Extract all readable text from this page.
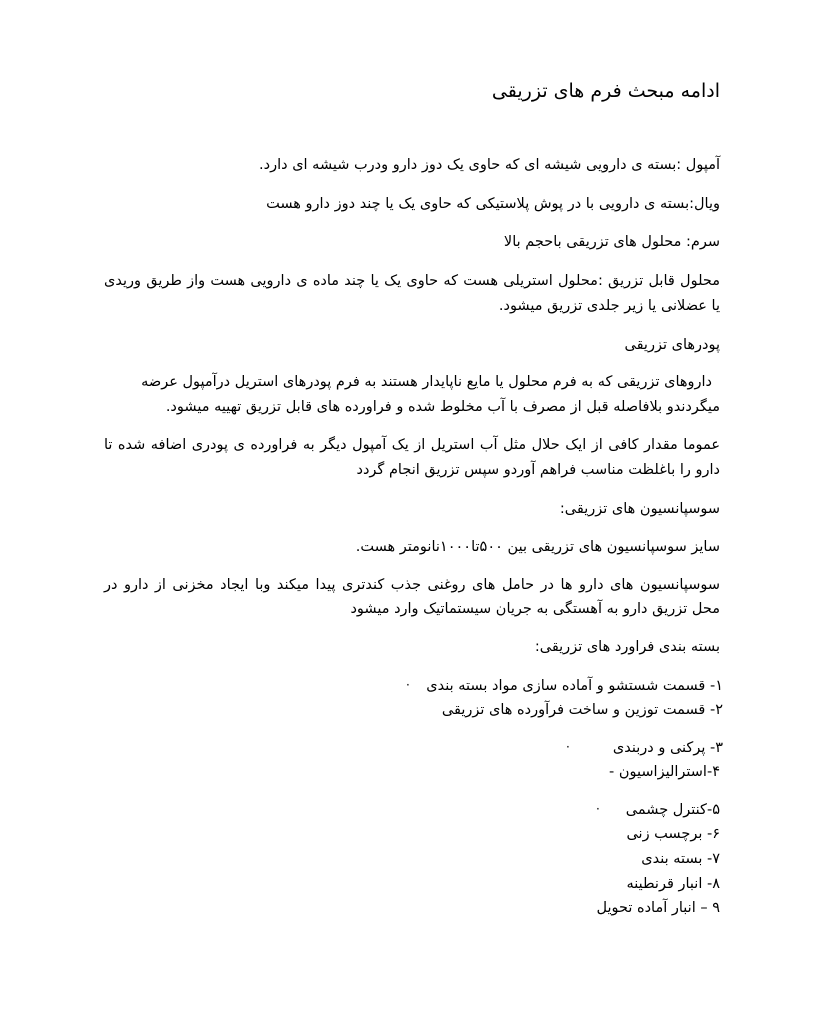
ادامه مبحث فرم های تزریقی
آمپول :بسته ی دارویی شیشه ای که حاوی یک دوز دارو ودرب شیشه ای دارد.
ویال:بسته ی دارویی با در پوش پلاستیکی که حاوی یک یا چند دوز دارو هست
سرم: محلول های تزریقی باحجم بالا
محلول قابل تزریق :محلول استریلی هست که حاوی یک یا چند ماده ی دارویی هست واز طریق وریدی
یا عضلانی یا زیر جلدی تزریق میشود.
پودرهای تزریقی
داروهای تزریقی که به فرم محلول یا مایع ناپایدار هستند به فرم پودرهای استریل درآمپول عرضه
میگردندو بلافاصله قبل از مصرف با آب مخلوط شده و فراورده های قابل تزریق تهییه میشود.
عموما مقدار کافی از ایک حلال مثل آب استریل از یک آمپول دیگر به فراورده ی پودری اضافه شده تا
دارو را باغلظت مناسب فراهم آوردو سپس تزریق انجام گردد
سوسپانسیون های تزریقی:
سایز سوسپانسیون های تزریقی بین ۵۰۰تا۱۰۰۰نانومتر هست.
سوسپانسیون های دارو ها در حامل های روغنی جذب کندتری پیدا میکند وبا ایجاد مخزنی از دارو در
محل تزریق دارو به آهستگی به جریان سیستماتیک وارد میشود
بسته بندی فراورد های تزریقی:
۱- قسمت شستشو و آماده سازی مواد بسته بندی
·
۲- قسمت توزین و ساخت فرآورده های تزریقی
۳- پرکنی و دربندی
·
۴-استرالیزاسیون -
۵-کنترل چشمی
·
۶- برچسب زنی
۷- بسته بندی
۸- انبار قرنطینه
۹ – انبار آماده تحویل
